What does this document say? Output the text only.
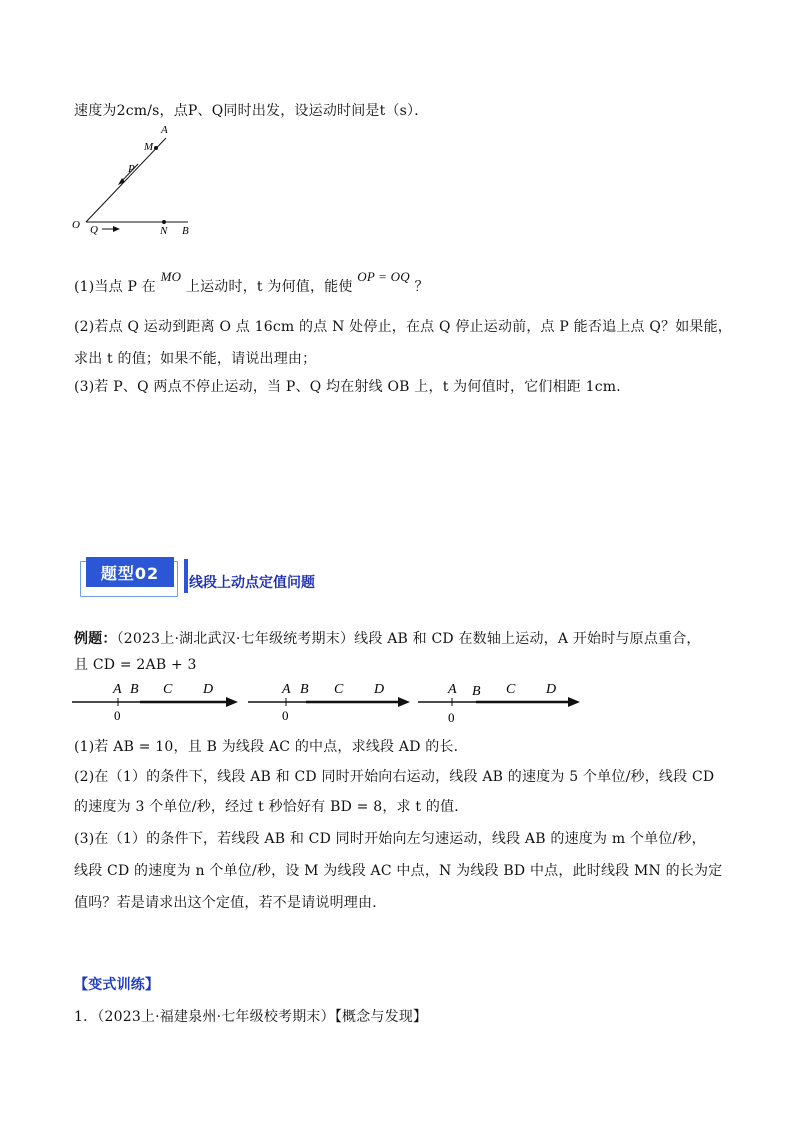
速度为2cm/s，点P、Q同时出发，设运动时间是t（s）．
A
M
P
O Q	N B
(1)当点 P 在 MO 上运动时，t 为何值，能使 OP = OQ ？
(2)若点 Q 运动到距离 O 点 16cm 的点 N 处停止，在点 Q 停止运动前，点 P 能否追上点 Q？如果能，
求出 t 的值；如果不能，请说出理由；
(3)若 P、Q 两点不停止运动，当 P、Q 均在射线 OB 上，t 为何值时，它们相距 1cm．
题型02
线段上动点定值问题
例题：（2023上·湖北武汉·七年级统考期末）线段 AB 和 CD 在数轴上运动，A 开始时与原点重合，
且 CD = 2AB + 3
A B C D
0
A B C D
0
A B C D
0
(1)若 AB = 10，且 B 为线段 AC 的中点，求线段 AD 的长．
(2)在（1）的条件下，线段 AB 和 CD 同时开始向右运动，线段 AB 的速度为 5 个单位/秒，线段 CD
的速度为 3 个单位/秒，经过 t 秒恰好有 BD = 8，求 t 的值．
(3)在（1）的条件下，若线段 AB 和 CD 同时开始向左匀速运动，线段 AB 的速度为 m 个单位/秒，
线段 CD 的速度为 n 个单位/秒，设 M 为线段 AC 中点，N 为线段 BD 中点，此时线段 MN 的长为定
值吗？若是请求出这个定值，若不是请说明理由．
【变式训练】
1．（2023上·福建泉州·七年级校考期末）【概念与发现】
